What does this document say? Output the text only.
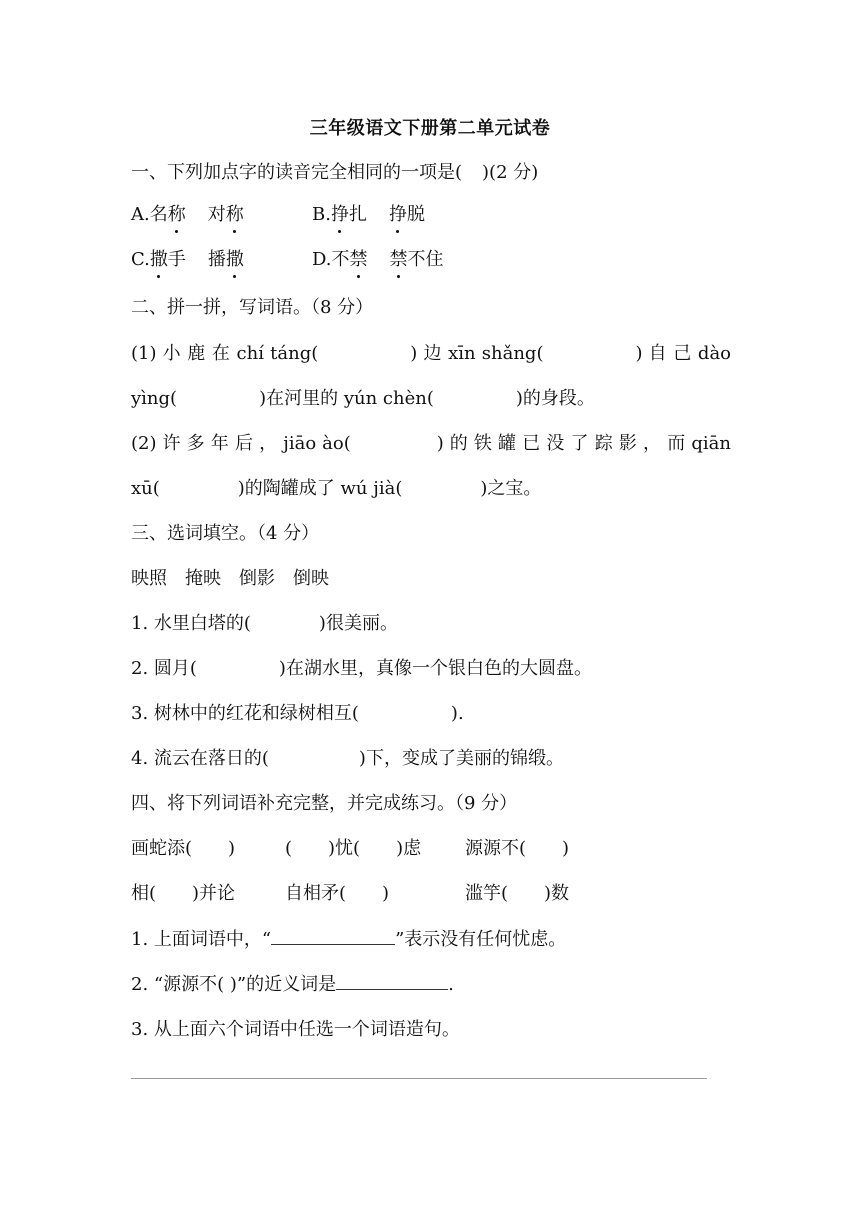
三年级语文下册第二单元试卷
一、下列加点字的读音完全相同的一项是( )(2 分)
A.名称 对称	B.挣扎 挣脱
C.撒手 播撒	D.不禁 禁不住
二、拼一拼，写词语。（8 分）
(1) 小 鹿 在 chí táng(	) 边 xīn shǎng(	) 自 己 dào
yìng(	)在河里的 yún chèn(	)的身段。
(2) 许 多 年 后 ， jiāo ào(	) 的 铁 罐 已 没 了 踪 影 ， 而 qiān
xū(	)的陶罐成了 wú jià(	)之宝。
三、选词填空。（4 分）
映照　掩映　倒影　倒映
1. 水里白塔的(	)很美丽。
2. 圆月(	)在湖水里，真像一个银白色的大圆盘。
3. 树林中的红花和绿树相互(	).
4. 流云在落日的(	)下，变成了美丽的锦缎。
四、将下列词语补充完整，并完成练习。（9 分）
画蛇添(　　)	(　　)忧(　　)虑 源源不(　　)
相(　　)并论	自相矛(　　)	滥竽(　　)数
1. 上面词语中，“	”表示没有任何忧虑。
2. “源源不( )”的近义词是	.
3. 从上面六个词语中任选一个词语造句。
